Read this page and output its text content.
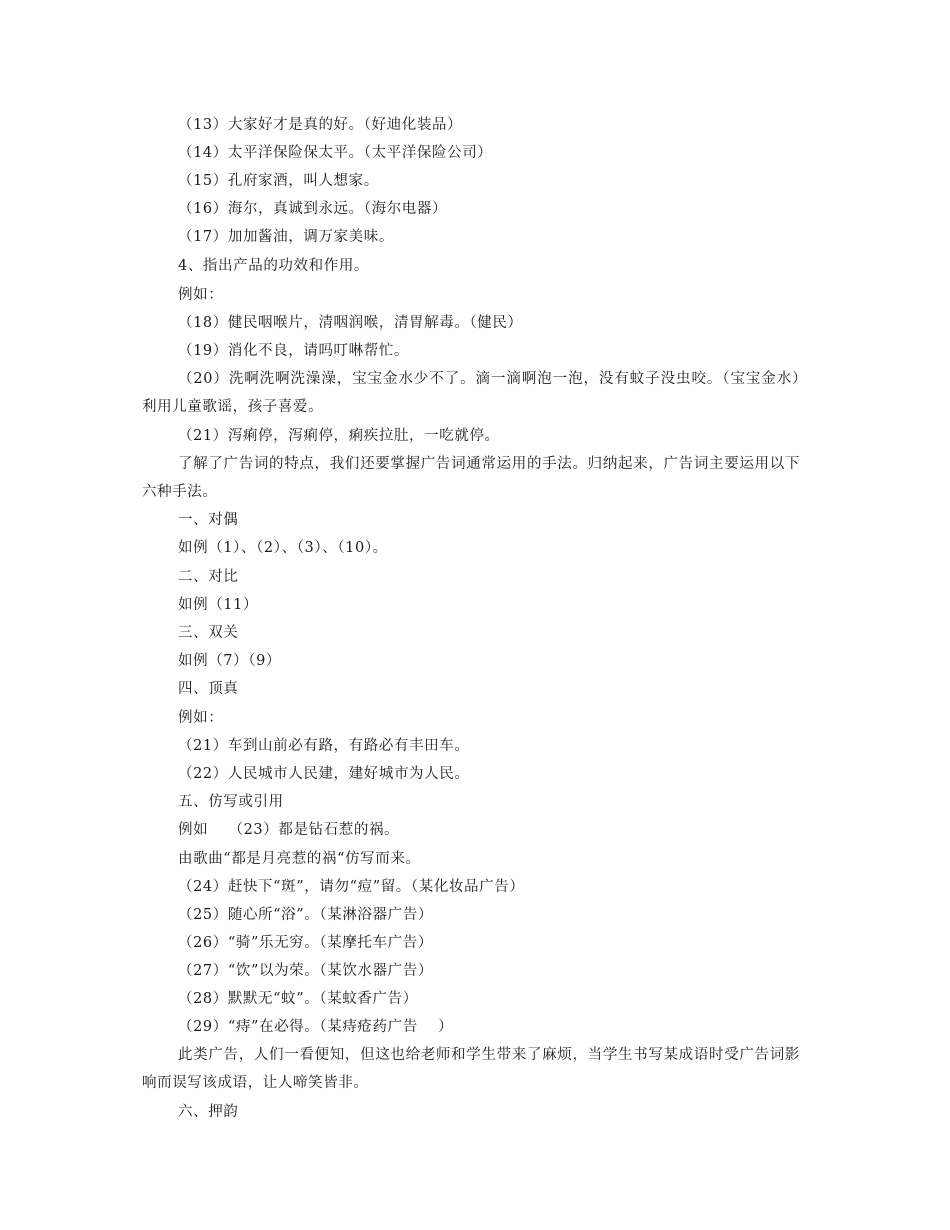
（13）大家好才是真的好。（好迪化装品）
（14）太平洋保险保太平。（太平洋保险公司）
（15）孔府家酒，叫人想家。
（16）海尔，真诚到永远。（海尔电器）
（17）加加酱油，调万家美味。
4、指出产品的功效和作用。
例如：
（18）健民咽喉片，清咽润喉，清胃解毒。（健民）
（19）消化不良，请吗叮啉帮忙。
（20）洗啊洗啊洗澡澡，宝宝金水少不了。滴一滴啊泡一泡，没有蚊子没虫咬。（宝宝金水）　利用儿童歌谣，孩子喜爱。
（21）泻痢停，泻痢停，痢疾拉肚，一吃就停。
了解了广告词的特点，我们还要掌握广告词通常运用的手法。归纳起来，广告词主要运用以下六种手法。
一、对偶
如例（1）、（2）、（3）、（10）。
二、对比
如例（11）
三、双关
如例（7）（9）
四、顶真
例如：
（21）车到山前必有路，有路必有丰田车。
（22）人民城市人民建，建好城市为人民。
五、仿写或引用
例如　 （23）都是钻石惹的祸。
由歌曲“都是月亮惹的祸“仿写而来。
（24）赶快下“斑”，请勿“痘”留。（某化妆品广告）
（25）随心所“浴”。（某淋浴器广告）
（26）“骑”乐无穷。（某摩托车广告）
（27）“饮”以为荣。（某饮水器广告）
（28）默默无“蚊”。（某蚊香广告）
（29）“痔”在必得。（某痔疮药广告　 ）
此类广告，人们一看便知，但这也给老师和学生带来了麻烦，当学生书写某成语时受广告词影响而误写该成语，让人啼笑皆非。
六、押韵
